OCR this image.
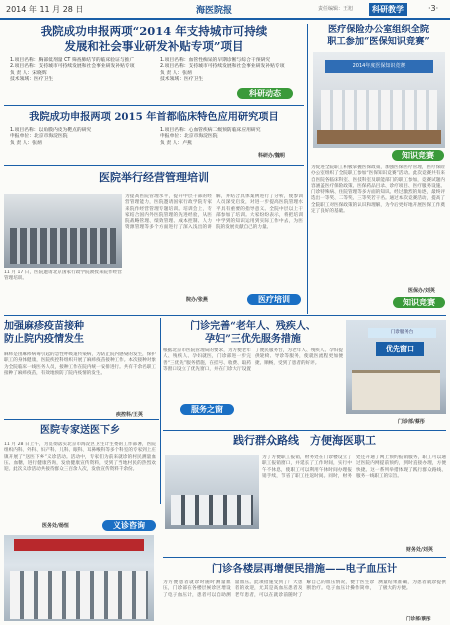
2014 年 11 月 28 日	海医院报	责任编辑：王旭	科研教学	·3·
我院成功申报两项“2014 年支持城市可持续
发展和社会事业研发补贴专项”项目
1.项目名称：胸部低剂量 CT 筛查肺结节的临床验证与推广
2.项目名称：支持城市可持续发展和社会事业研发补贴专项
负 责 人：宋晓辉
技术领域：医疗卫生
1.项目名称：血管性痴呆的早期诊断与综合干预研究
2.项目名称：支持城市可持续发展和社会事业研发补贴专项
负 责 人：张炳
技术领域：医疗卫生
科研动态
我院成功申报两项 2015 年首都临床特色应用研究项目
1.项目名称：以角膜内皮为靶点的研究
申报单位：北京市海淀医院
负 责 人：张炳
1.项目名称：心血管疾病二级预防临床应用研究
申报单位：北京市海淀医院
负 责 人：卢燕
科研办/魏明
医疗保险办公室组织全院
职工参加“医保知识竞赛”
2014年度医保知识竞赛
知识竞赛
为促进全院职工积极掌握医保政策，加强医保医疗管理，医疗保险办公室组织了全院职工参加“医保知识竞赛”活动。此次竞赛共有来自医院各临床科室、医技科室及职能部门的职工参加，竞赛试题内容涵盖医疗保险政策、医保药品目录、诊疗项目、医疗服务设施、门诊特殊病、住院管理等多方面的知识。经过激烈的角逐，最终评选出一等奖、二等奖、三等奖若干名。通过本次竞赛活动，提高了全院职工对医保政策的认识和理解，为今后更好地开展医保工作奠定了良好的基础。
医保办/刘英
知识竞赛
医院举行经营管理培训
11 月 17 日，医院邀请北京国家行政学院教授来院作经营管理培训。
为提高医院管理水平，提升中层干部的经营管理能力，医院邀请国家行政学院专家来院作经营管理专题培训。培训会上，专家结合国内外医院管理的先进经验，从医院战略管理、绩效管理、成本控制、人力资源管理等多个方面进行了深入浅出的讲解，并结合具体案例进行了分析，使参训人员深受启发，对进一步提高医院管理水平具有重要的指导意义。全院中层以上干部参加了培训。大家纷纷表示，将把培训中学到的知识运用到实际工作中去，为医院的发展贡献自己的力量。
院办/张燕	医疗培训
加强麻疹疫苗接种
防止院内疫情发生
麻疹是由麻疹病毒引起的急性呼吸道传染病，为防止院内感染的发生，保护职工的身体健康，医院疾控科组织开展了麻疹疫苗接种工作。本次接种对象为全院临床一线医务人员，接种工作在院内统一安排进行。共有千余名职工接种了麻疹疫苗，有效地预防了院内疫情的发生。
疾控科/王英
门诊完善“老年人、残疾人、
孕妇”三优先服务措施
门诊服务台
优先窗口
根据北京市医院管理局的要求，为方便老年人、残疾人、孕妇就医，门诊部进一步完善“三优先”服务措施，在挂号、收费、取药等窗口设立了优先窗口，并在门诊大厅设置了便民服务台，为老年人、残疾人、孕妇提供轮椅、导诊等服务，使就医流程更加便捷、顺畅，受到了患者的好评。
服务之窗
门诊部/蔡彤
医院专家送医下乡
11 月 28 日上午，为贯彻落实北京市海淀区卫生计生委的工作部署，医院组织内科、外科、妇产科、儿科、眼科、耳鼻喉科等多个科室的专家到上庄镇开展了“送医下乡”义诊活动。活动中，专家们为前来就诊的村民测量血压、血糖，进行健康咨询，发放健康宣传资料，受到了当地村民的热烈欢迎。此次义诊活动共接待群众三百余人次，发放宣传资料千余份。
医务处/杨恒	义诊咨询
践行群众路线　方便海医职工
为了方便职工报销，财务处在门诊楼设立了职工报销窗口，并延长了工作时间，实行中午不休息，使职工可以利用午休时间办理报销手续，节省了职工往返时间。同时，财务处还开通了网上预约报销服务，职工可以通过医院内网提前预约，到时直接办理，方便快捷。这一系列举措体现了践行群众路线、服务一线职工的宗旨。
财务处/刘英
门诊各楼层再增便民措施——电子血压计
为方便患者就诊时随时测量血压，门诊部在各楼层候诊区增设了电子血压计，患者可以自助测量血压。此项措施受到了广大患者的欢迎，尤其是高血压患者及老年患者，可以在就诊前随时了解自己的血压情况，便于医生诊断治疗。电子血压计操作简单，测量结果准确，为患者就诊提供了极大的方便。
门诊部/蔡彤
